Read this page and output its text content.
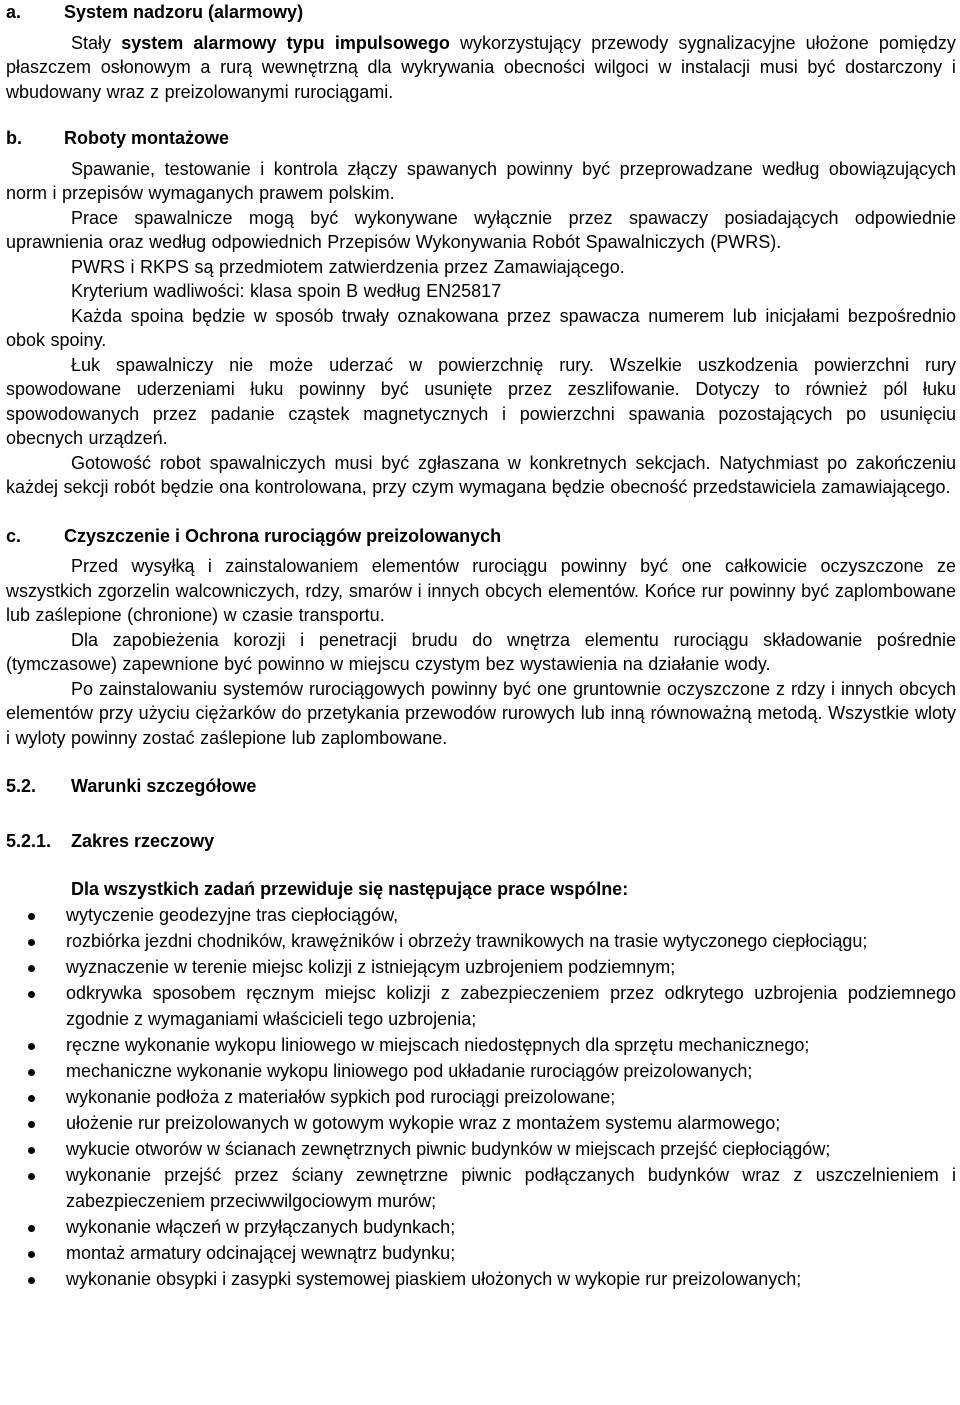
a. System nadzoru (alarmowy)

Stały system alarmowy typu impulsowego wykorzystujący przewody sygnalizacyjne ułożone pomiędzy płaszczem osłonowym a rurą wewnętrzną dla wykrywania obecności wilgoci w instalacji musi być dostarczony i wbudowany wraz z preizolowanymi rurociągami.

b. Roboty montażowe

Spawanie, testowanie i kontrola złączy spawanych powinny być przeprowadzane według obowiązujących norm i przepisów wymaganych prawem polskim.

Prace spawalnicze mogą być wykonywane wyłącznie przez spawaczy posiadających odpowiednie uprawnienia oraz według odpowiednich Przepisów Wykonywania Robót Spawalniczych (PWRS).

PWRS i RKPS są przedmiotem zatwierdzenia przez Zamawiającego.

Kryterium wadliwości: klasa spoin B według EN25817

Każda spoina będzie w sposób trwały oznakowana przez spawacza numerem lub inicjałami bezpośrednio obok spoiny.

Łuk spawalniczy nie może uderzać w powierzchnię rury. Wszelkie uszkodzenia powierzchni rury spowodowane uderzeniami łuku powinny być usunięte przez zeszlifowanie. Dotyczy to również pól łuku spowodowanych przez padanie cząstek magnetycznych i powierzchni spawania pozostających po usunięciu obecnych urządzeń.

Gotowość robot spawalniczych musi być zgłaszana w konkretnych sekcjach. Natychmiast po zakończeniu każdej sekcji robót będzie ona kontrolowana, przy czym wymagana będzie obecność przedstawiciela zamawiającego.

c. Czyszczenie i Ochrona rurociągów preizolowanych

Przed wysyłką i zainstalowaniem elementów rurociągu powinny być one całkowicie oczyszczone ze wszystkich zgorzelin walcowniczych, rdzy, smarów i innych obcych elementów. Końce rur powinny być zaplombowane lub zaślepione (chronione) w czasie transportu.

Dla zapobieżenia korozji i penetracji brudu do wnętrza elementu rurociągu składowanie pośrednie (tymczasowe) zapewnione być powinno w miejscu czystym bez wystawienia na działanie wody.

Po zainstalowaniu systemów rurociągowych powinny być one gruntownie oczyszczone z rdzy i innych obcych elementów przy użyciu ciężarków do przetykania przewodów rurowych lub inną równoważną metodą. Wszystkie wloty i wyloty powinny zostać zaślepione lub zaplombowane.

5.2. Warunki szczegółowe

5.2.1. Zakres rzeczowy

Dla wszystkich zadań przewiduje się następujące prace wspólne:

wytyczenie geodezyjne tras ciepłociągów,
rozbiórka jezdni chodników, krawężników i obrzeży trawnikowych na trasie wytyczonego ciepłociągu;
wyznaczenie w terenie miejsc kolizji z istniejącym uzbrojeniem podziemnym;
odkrywka sposobem ręcznym miejsc kolizji z zabezpieczeniem przez odkrytego uzbrojenia podziemnego zgodnie z wymaganiami właścicieli tego uzbrojenia;
ręczne wykonanie wykopu liniowego w miejscach niedostępnych dla sprzętu mechanicznego;
mechaniczne wykonanie wykopu liniowego pod układanie rurociągów preizolowanych;
wykonanie podłoża z materiałów sypkich pod rurociągi preizolowane;
ułożenie rur preizolowanych w gotowym wykopie wraz z montażem systemu alarmowego;
wykucie otworów w ścianach zewnętrznych piwnic budynków w miejscach przejść ciepłociągów;
wykonanie przejść przez ściany zewnętrzne piwnic podłączanych budynków wraz z uszczelnieniem i zabezpieczeniem przeciwwilgociowym murów;
wykonanie włączeń w przyłączanych budynkach;
montaż armatury odcinającej wewnątrz budynku;
wykonanie obsypki i zasypki systemowej piaskiem ułożonych w wykopie rur preizolowanych;
